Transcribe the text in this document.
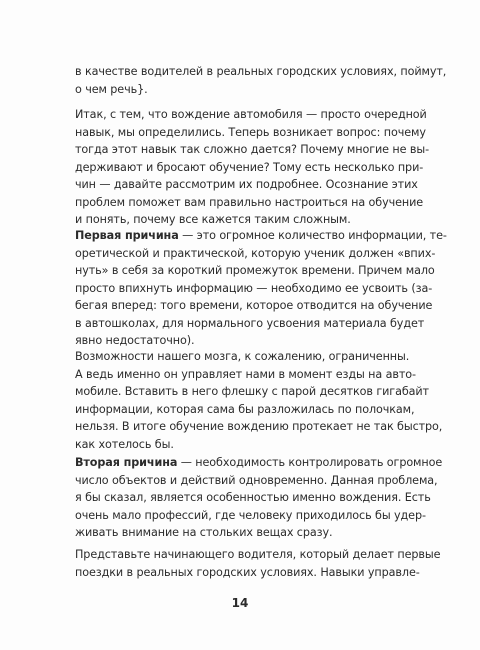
в качестве водителей в реальных городских условиях, поймут,
о чем речь}.
Итак, с тем, что вождение автомобиля — просто очередной
навык, мы определились. Теперь возникает вопрос: почему
тогда этот навык так сложно дается? Почему многие не вы-
держивают и бросают обучение? Тому есть несколько при-
чин — давайте рассмотрим их подробнее. Осознание этих
проблем поможет вам правильно настроиться на обучение
и понять, почему все кажется таким сложным.
Первая причина — это огромное количество информации, те-
оретической и практической, которую ученик должен «впих-
нуть» в себя за короткий промежуток времени. Причем мало
просто впихнуть информацию — необходимо ее усвоить (за-
бегая вперед: того времени, которое отводится на обучение
в автошколах, для нормального усвоения материала будет
явно недостаточно).
Возможности нашего мозга, к сожалению, ограниченны.
А ведь именно он управляет нами в момент езды на авто-
мобиле. Вставить в него флешку с парой десятков гигабайт
информации, которая сама бы разложилась по полочкам,
нельзя. В итоге обучение вождению протекает не так быстро,
как хотелось бы.
Вторая причина — необходимость контролировать огромное
число объектов и действий одновременно. Данная проблема,
я бы сказал, является особенностью именно вождения. Есть
очень мало профессий, где человеку приходилось бы удер-
живать внимание на стольких вещах сразу.
Представьте начинающего водителя, который делает первые
поездки в реальных городских условиях. Навыки управле-
14
